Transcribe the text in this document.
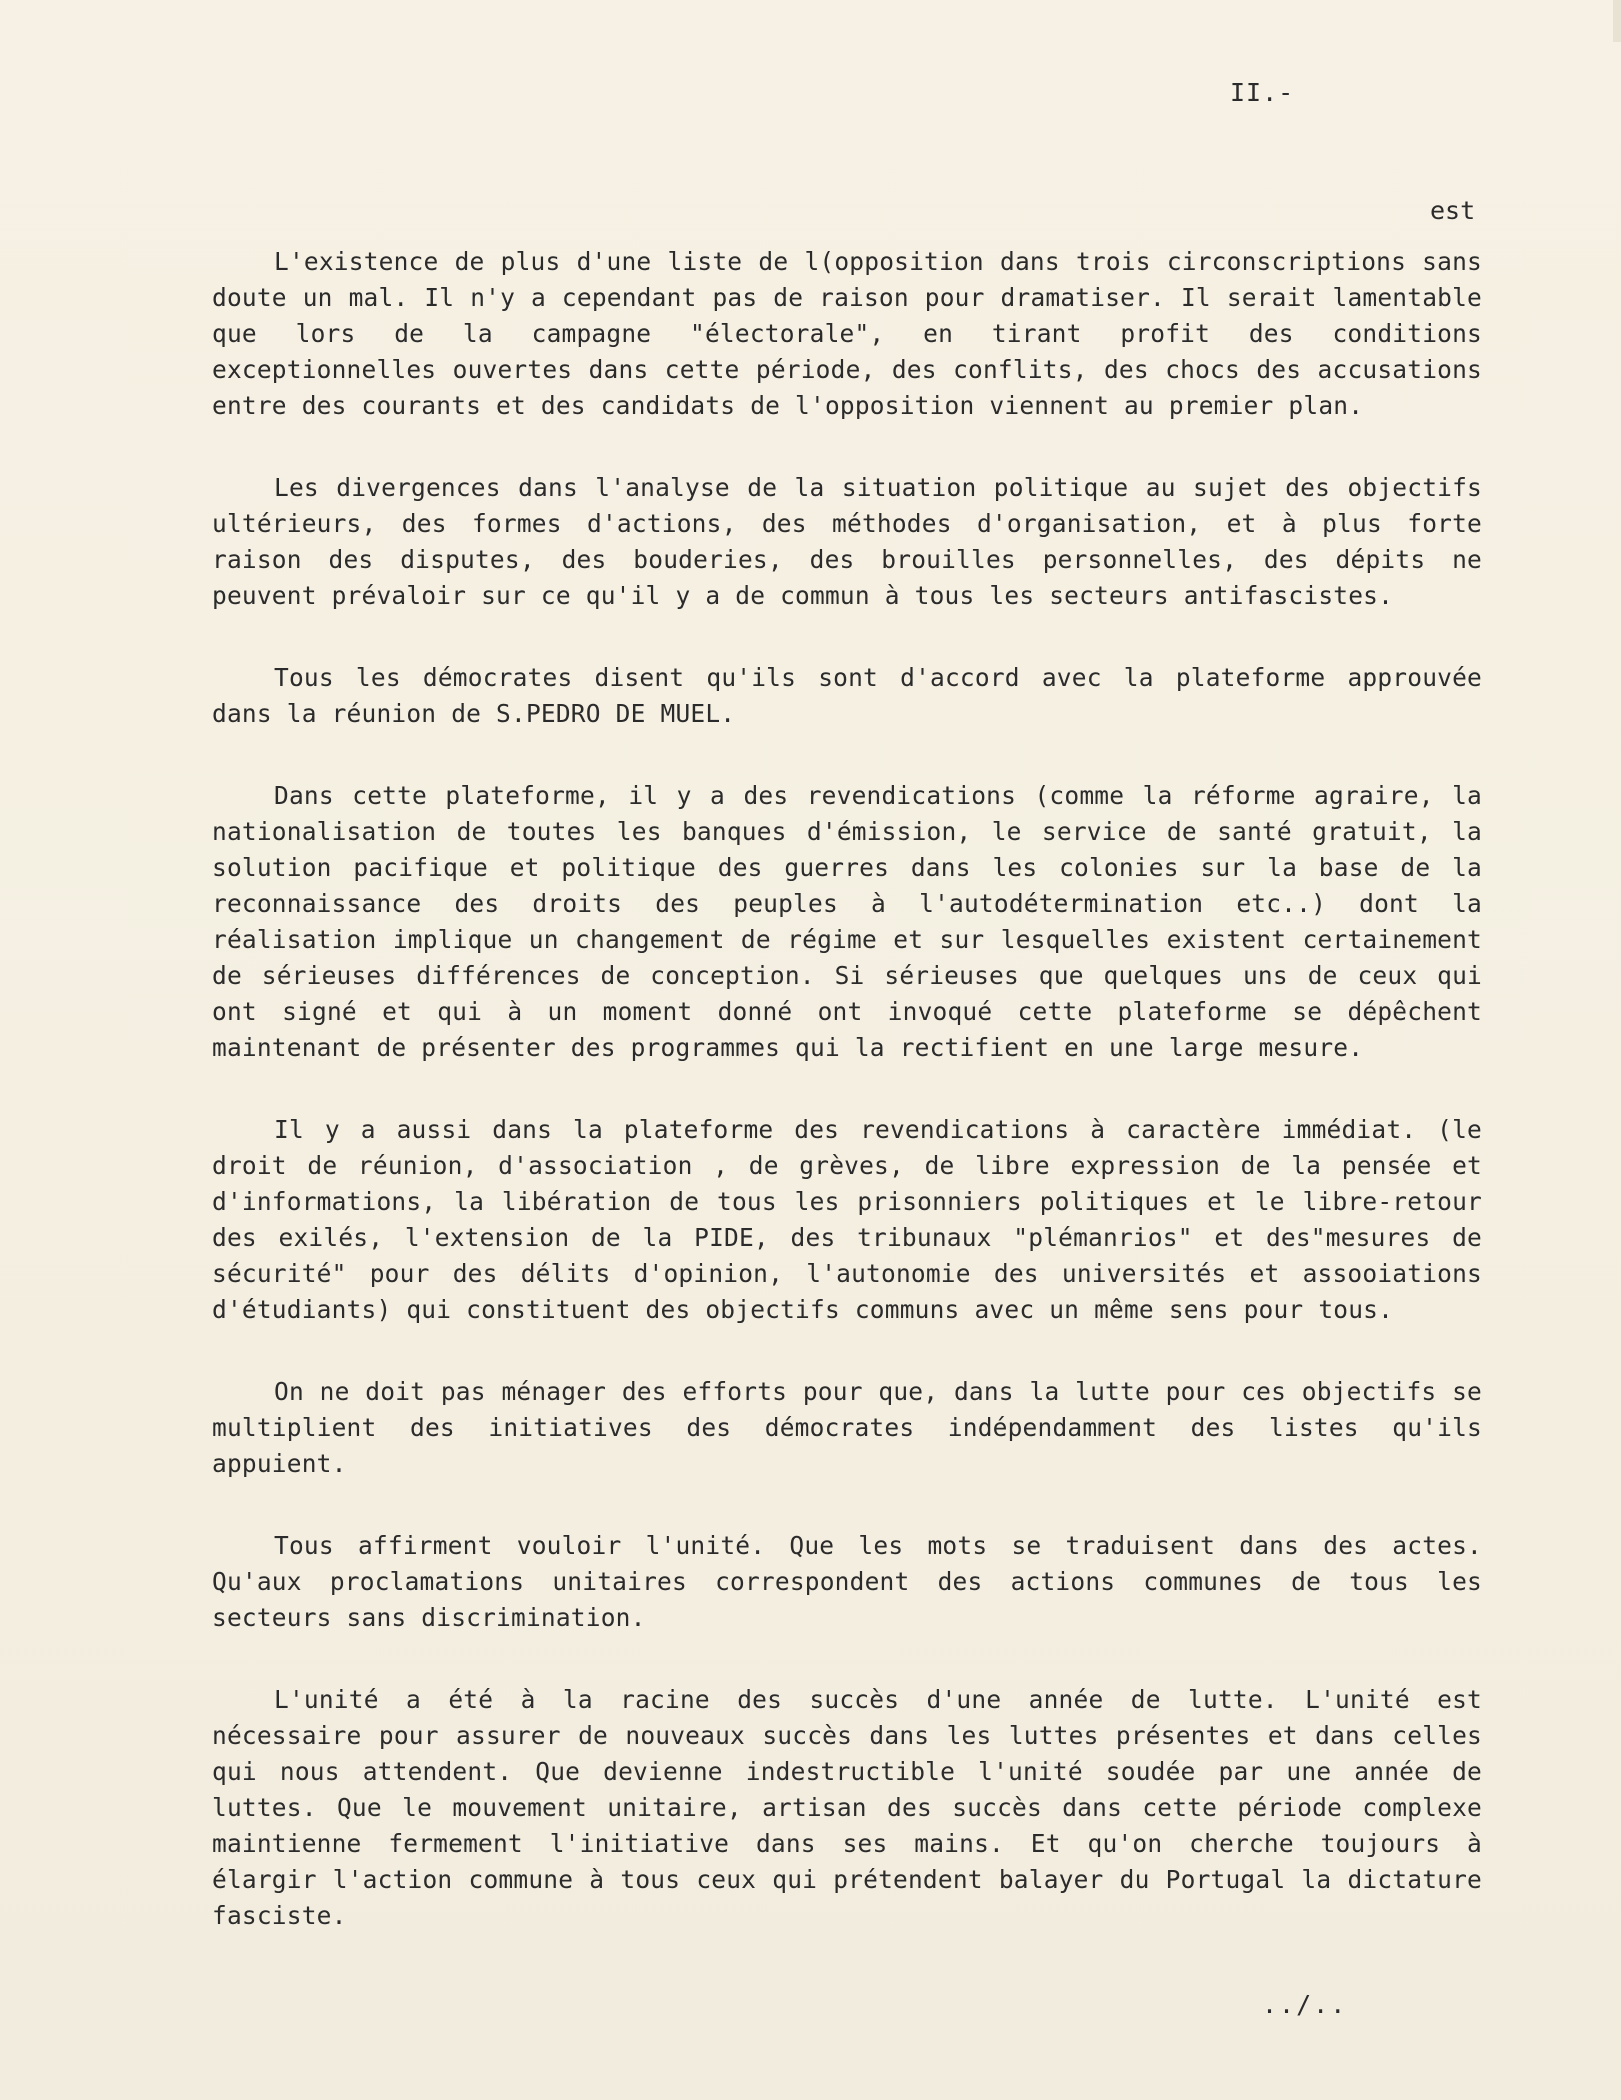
II.-
est

L'existence de plus d'une liste de l(opposition dans trois circonscriptions sans doute un mal. Il n'y a cependant pas de raison pour dramatiser. Il serait lamentable que lors de la campagne "électorale", en tirant profit des conditions exceptionnelles ouvertes dans cette période, des conflits, des chocs des accusations entre des courants et des candidats de l'opposition viennent au premier plan.

Les divergences dans l'analyse de la situation politique au sujet des objectifs ultérieurs, des formes d'actions, des méthodes d'organisation, et à plus forte raison des disputes, des bouderies, des brouilles personnelles, des dépits ne peuvent prévaloir sur ce qu'il y a de commun à tous les secteurs antifascistes.

Tous les démocrates disent qu'ils sont d'accord avec la plateforme approuvée dans la réunion de S.PEDRO DE MUEL.

Dans cette plateforme, il y a des revendications (comme la réforme agraire, la nationalisation de toutes les banques d'émission, le service de santé gratuit, la solution pacifique et politique des guerres dans les colonies sur la base de la reconnaissance des droits des peuples à l'autodétermination etc..) dont la réalisation implique un changement de régime et sur lesquelles existent certainement de sérieuses différences de conception. Si sérieuses que quelques uns de ceux qui ont signé et qui à un moment donné ont invoqué cette plateforme se dépêchent maintenant de présenter des programmes qui la rectifient en une large mesure.

Il y a aussi dans la plateforme des revendications à caractère immédiat. (le droit de réunion, d'association , de grèves, de libre expression de la pensée et d'informations, la libération de tous les prisonniers politiques et le libre-retour des exilés, l'extension de la PIDE, des tribunaux "plémanrios" et des"mesures de sécurité" pour des délits d'opinion, l'autonomie des universités et assooiations d'étudiants) qui constituent des objectifs communs avec un même sens pour tous.

On ne doit pas ménager des efforts pour que, dans la lutte pour ces objectifs se multiplient des initiatives des démocrates indépendamment des listes qu'ils appuient.

Tous affirment vouloir l'unité. Que les mots se traduisent dans des actes. Qu'aux proclamations unitaires correspondent des actions communes de tous les secteurs sans discrimination.

L'unité a été à la racine des succès d'une année de lutte. L'unité est nécessaire pour assurer de nouveaux succès dans les luttes présentes et dans celles qui nous attendent. Que devienne indestructible l'unité soudée par une année de luttes. Que le mouvement unitaire, artisan des succès dans cette période complexe maintienne fermement l'initiative dans ses mains. Et qu'on cherche toujours à élargir l'action commune à tous ceux qui prétendent balayer du Portugal la dictature fasciste.

../..
